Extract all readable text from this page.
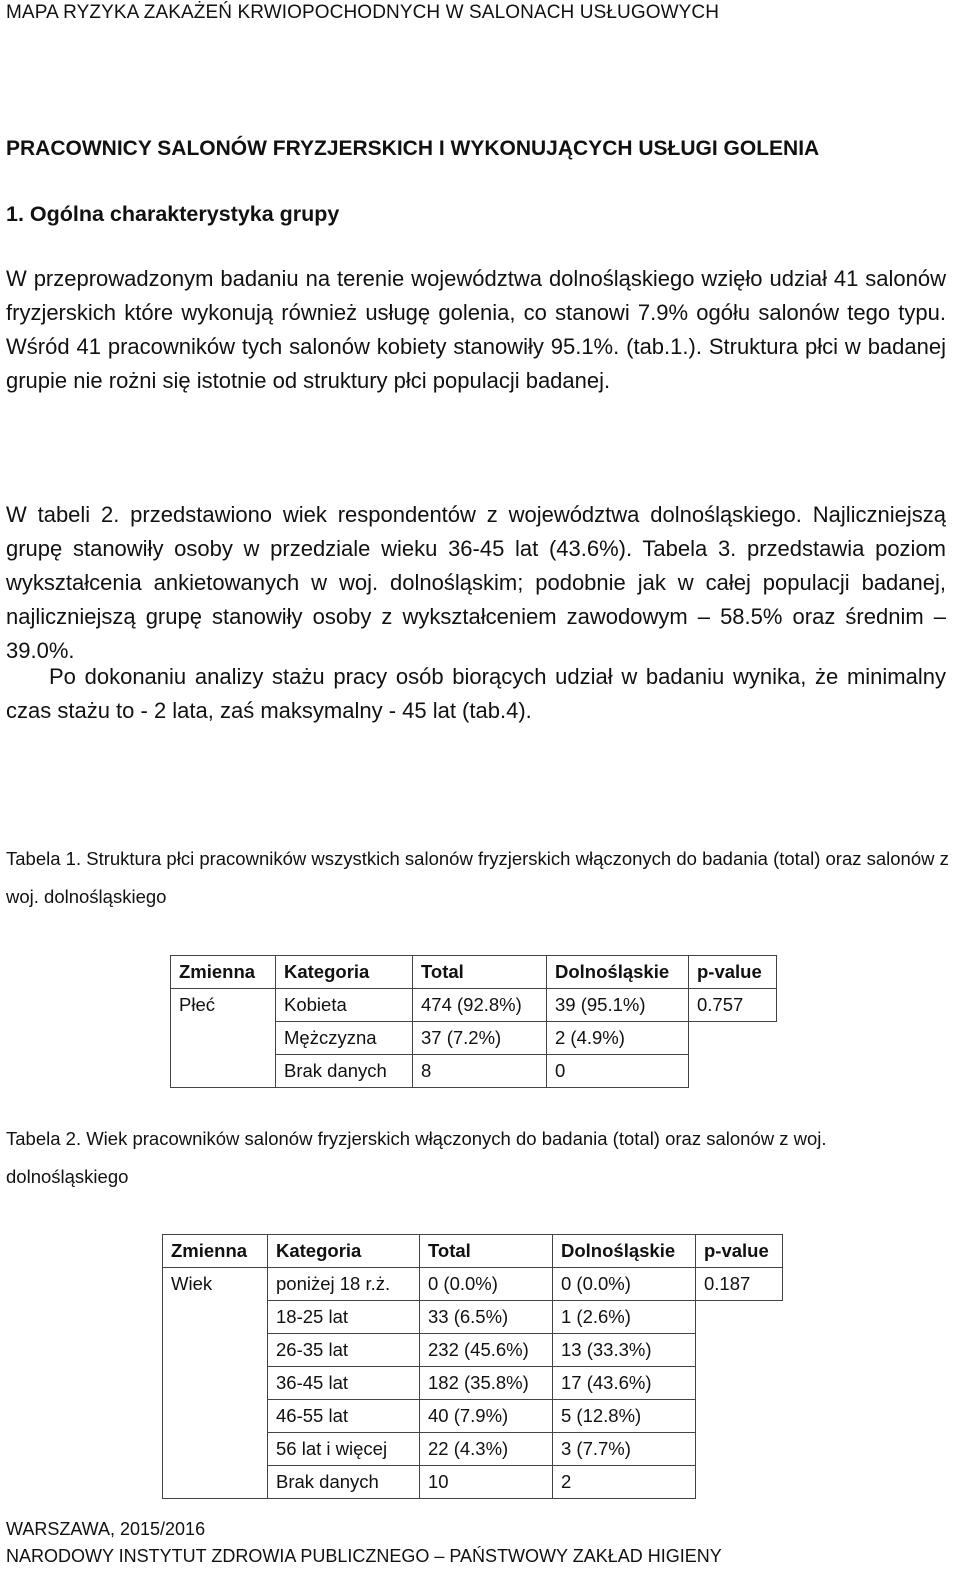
MAPA RYZYKA ZAKAŻEŃ KRWIOPOCHODNYCH W SALONACH USŁUGOWYCH
PRACOWNICY SALONÓW FRYZJERSKICH I WYKONUJĄCYCH USŁUGI GOLENIA
1. Ogólna charakterystyka grupy

W przeprowadzonym badaniu na terenie województwa dolnośląskiego wzięło udział 41 salonów fryzjerskich które wykonują również usługę golenia, co stanowi 7.9% ogółu salonów tego typu. Wśród 41 pracowników tych salonów kobiety stanowiły 95.1%. (tab.1.). Struktura płci w badanej grupie nie rożni się istotnie od struktury płci populacji badanej.

W tabeli 2. przedstawiono wiek respondentów z województwa dolnośląskiego. Najliczniejszą grupę stanowiły osoby w przedziale wieku 36-45 lat (43.6%). Tabela 3. przedstawia poziom wykształcenia ankietowanych w woj. dolnośląskim; podobnie jak w całej populacji badanej, najliczniejszą grupę stanowiły osoby z wykształceniem zawodowym – 58.5% oraz średnim – 39.0%.

Po dokonaniu analizy stażu pracy osób biorących udział w badaniu wynika, że minimalny czas stażu to - 2 lata, zaś maksymalny - 45 lat (tab.4).

Tabela 1. Struktura płci pracowników wszystkich salonów fryzjerskich włączonych do badania (total) oraz salonów z woj. dolnośląskiego
Zmienna	Kategoria	Total	Dolnośląskie	p-value
Płeć	Kobieta	474 (92.8%)	39 (95.1%)	0.757
	Mężczyzna	37 (7.2%)	2 (4.9%)	
	Brak danych	8	0	
Tabela 2. Wiek pracowników salonów fryzjerskich włączonych do badania (total) oraz salonów z woj. dolnośląskiego
Zmienna	Kategoria	Total	Dolnośląskie	p-value
Wiek	poniżej 18 r.ż.	0 (0.0%)	0 (0.0%)	0.187
	18-25 lat	33 (6.5%)	1 (2.6%)	
	26-35 lat	232 (45.6%)	13 (33.3%)	
	36-45 lat	182 (35.8%)	17 (43.6%)	
	46-55 lat	40 (7.9%)	5 (12.8%)	
	56 lat i więcej	22 (4.3%)	3 (7.7%)	
	Brak danych	10	2	
WARSZAWA, 2015/2016
NARODOWY INSTYTUT ZDROWIA PUBLICZNEGO – PAŃSTWOWY ZAKŁAD HIGIENY
